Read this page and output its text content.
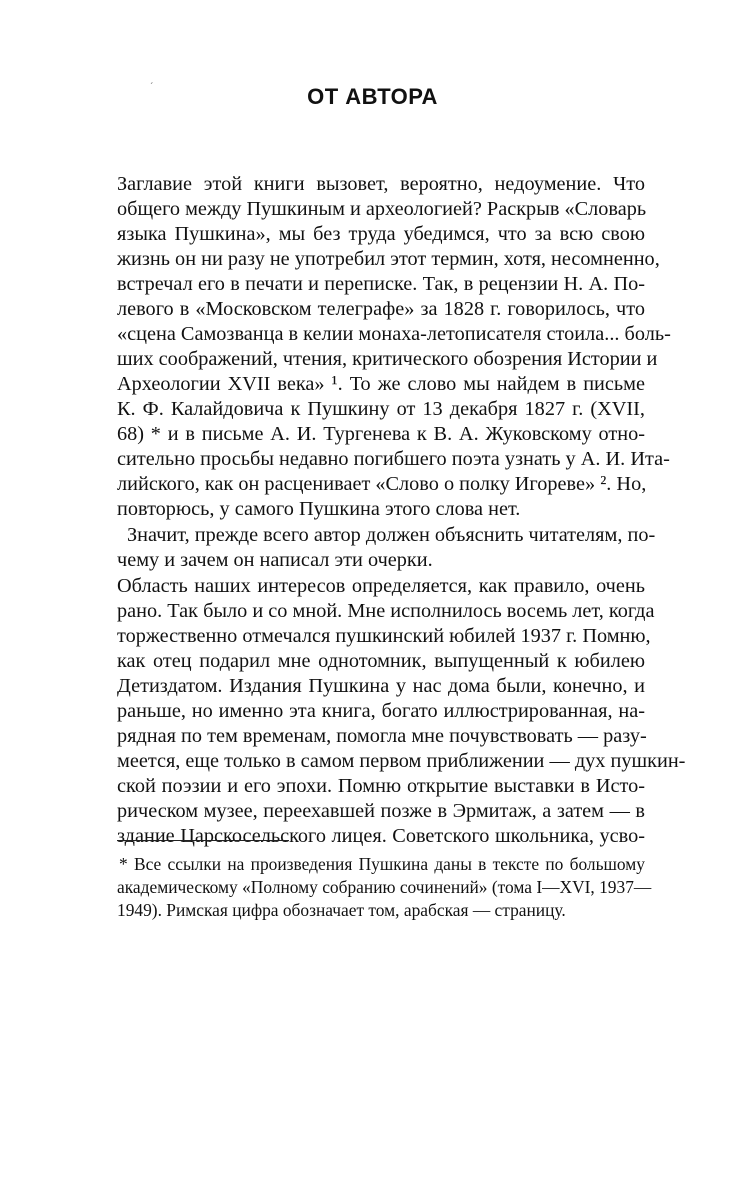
´	ОТ АВТОРА
Заглавие этой книги вызовет, вероятно, недоумение. Что
общего между Пушкиным и археологией? Раскрыв «Словарь
языка Пушкина», мы без труда убедимся, что за всю свою
жизнь он ни разу не употребил этот термин, хотя, несомненно,
встречал его в печати и переписке. Так, в рецензии Н. А. По-
левого в «Московском телеграфе» за 1828 г. говорилось, что
«сцена Самозванца в келии монаха-летописателя стоила... боль-
ших соображений, чтения, критического обозрения Истории и
Археологии XVII века» ¹. То же слово мы найдем в письме
К. Ф. Калайдовича к Пушкину от 13 декабря 1827 г. (XVII,
68) * и в письме А. И. Тургенева к В. А. Жуковскому отно-
сительно просьбы недавно погибшего поэта узнать у А. И. Ита-
лийского, как он расценивает «Слово о полку Игореве» ². Но,
повторюсь, у самого Пушкина этого слова нет.
Значит, прежде всего автор должен объяснить читателям, по-
чему и зачем он написал эти очерки.
Область наших интересов определяется, как правило, очень
рано. Так было и со мной. Мне исполнилось восемь лет, когда
торжественно отмечался пушкинский юбилей 1937 г. Помню,
как отец подарил мне однотомник, выпущенный к юбилею
Детиздатом. Издания Пушкина у нас дома были, конечно, и
раньше, но именно эта книга, богато иллюстрированная, на-
рядная по тем временам, помогла мне почувствовать — разу-
меется, еще только в самом первом приближении — дух пушкин-
ской поэзии и его эпохи. Помню открытие выставки в Исто-
рическом музее, переехавшей позже в Эрмитаж, а затем — в
здание Царскосельского лицея. Советского школьника, усво-
* Все ссылки на произведения Пушкина даны в тексте по большому
академическому «Полному собранию сочинений» (тома I—XVI, 1937—
1949). Римская цифра обозначает том, арабская — страницу.
